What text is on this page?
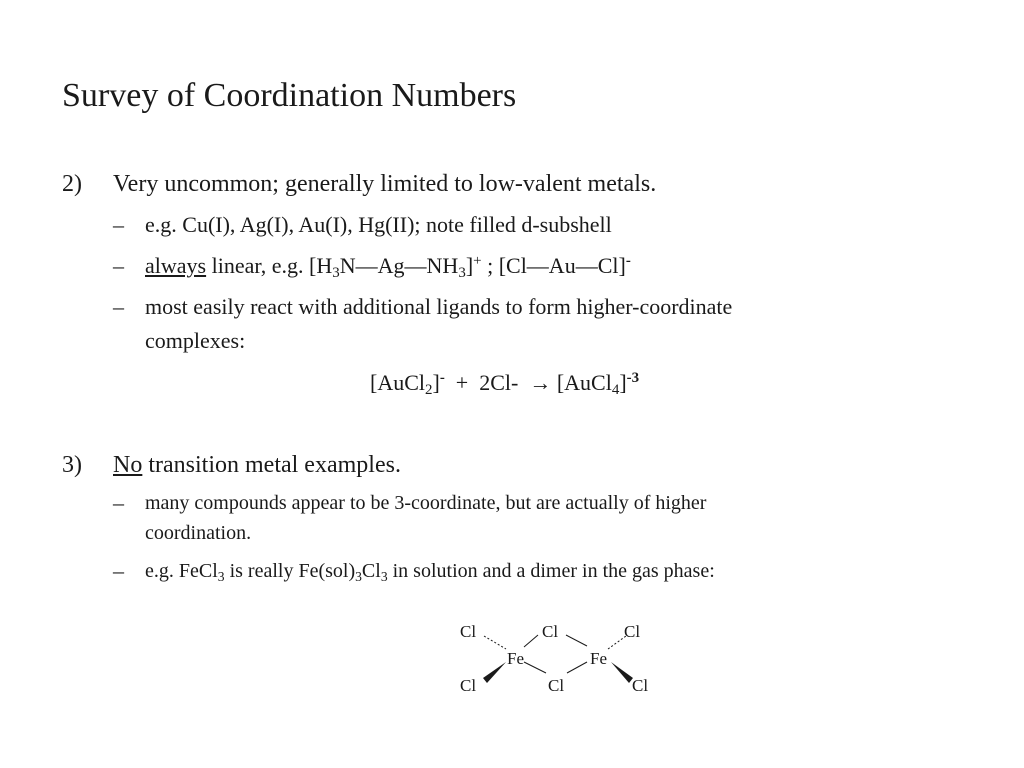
Survey of Coordination Numbers
2) Very uncommon; generally limited to low-valent metals.
– e.g. Cu(I), Ag(I), Au(I), Hg(II); note filled d-subshell
– always linear, e.g. $[H_3N—Ag—NH_3]^+$ ; [Cl—Au—Cl]-
– most easily react with additional ligands to form higher-coordinate
complexes:
[AuCl$_2$]-  +  2Cl-  → [AuCl$_4$]$^{-3}$
3) No transition metal examples.
– many compounds appear to be 3-coordinate, but are actually of higher
coordination.
– e.g. FeCl$_3$ is really $Fe(sol)_3Cl_3$ in solution and a dimer in the gas phase:
Cl	Cl	Cl
Fe	Fe
Cl	Cl	Cl
